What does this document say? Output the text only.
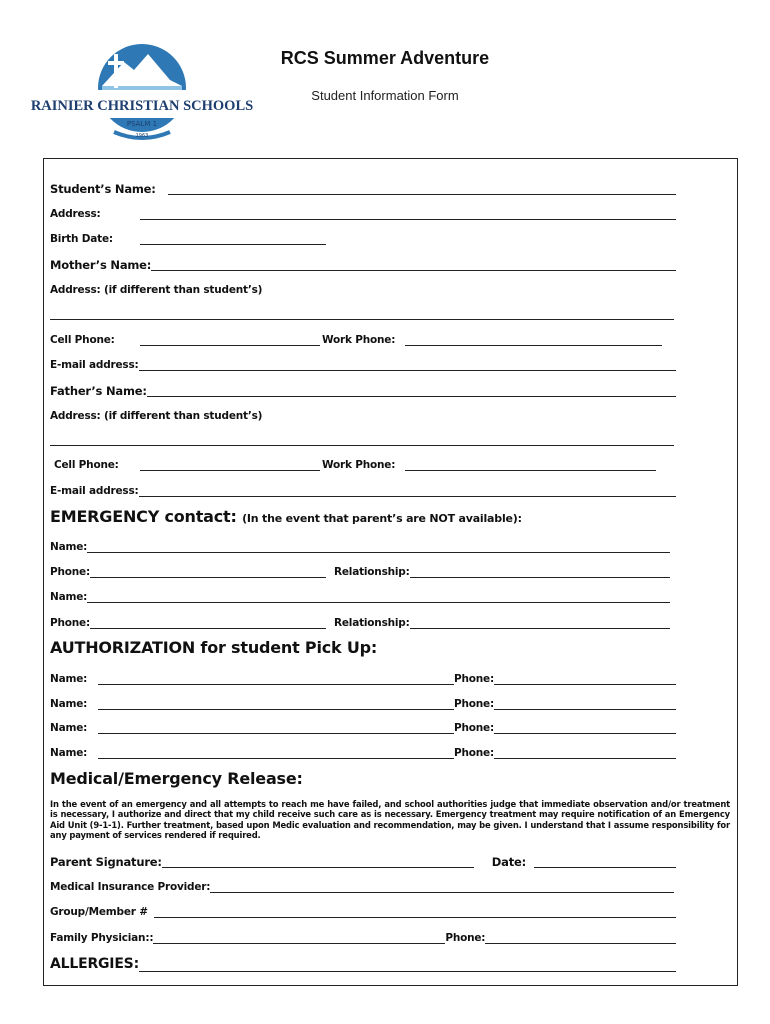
RAINIER CHRISTIAN SCHOOLS
PSALM 1
1963
RCS Summer Adventure
Student Information Form
Student’s Name:
Address:
Birth Date:
Mother’s Name:
Address: (if different than student’s)
Cell Phone:	Work Phone:
E-mail address:
Father’s Name:
Address: (if different than student’s)
Cell Phone:	Work Phone:
E-mail address:
EMERGENCY contact: (In the event that parent’s are NOT available):
Name:
Phone:	Relationship:
Name:
Phone:	Relationship:
AUTHORIZATION for student Pick Up:
Name:	Phone:
Name:	Phone:
Name:	Phone:
Name:	Phone:
Medical/Emergency Release:
In the event of an emergency and all attempts to reach me have failed, and school authorities judge that immediate observation and/or treatment is necessary, I authorize and direct that my child receive such care as is necessary. Emergency treatment may require notification of an Emergency Aid Unit (9-1-1). Further treatment, based upon Medic evaluation and recommendation, may be given. I understand that I assume responsibility for any payment of services rendered if required.
Parent Signature:	Date:
Medical Insurance Provider:
Group/Member #
Family Physician::	Phone:
ALLERGIES:
